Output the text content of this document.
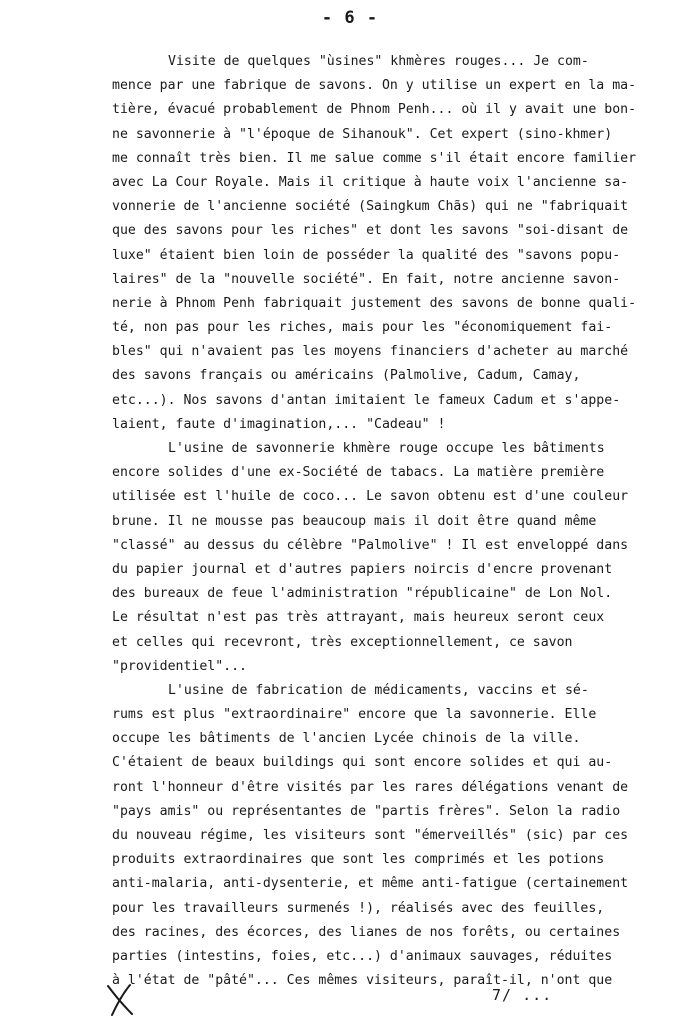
- 6 -
Visite de quelques "ùsines" khmères rouges... Je com-
mence par une fabrique de savons. On y utilise un expert en la ma-
tière, évacué probablement de Phnom Penh... où il y avait une bon-
ne savonnerie à "l'époque de Sihanouk". Cet expert (sino-khmer)
me connaît très bien. Il me salue comme s'il était encore familier
avec La Cour Royale. Mais il critique à haute voix l'ancienne sa-
vonnerie de l'ancienne société (Saingkum Chãs) qui ne "fabriquait
que des savons pour les riches" et dont les savons "soi-disant de
luxe" étaient bien loin de posséder la qualité des "savons popu-
laires" de la "nouvelle société". En fait, notre ancienne savon-
nerie à Phnom Penh fabriquait justement des savons de bonne quali-
té, non pas pour les riches, mais pour les "économiquement fai-
bles" qui n'avaient pas les moyens financiers d'acheter au marché
des savons français ou américains (Palmolive, Cadum, Camay,
etc...). Nos savons d'antan imitaient le fameux Cadum et s'appe-
laient, faute d'imagination,... "Cadeau" !
L'usine de savonnerie khmère rouge occupe les bâtiments
encore solides d'une ex-Société de tabacs. La matière première
utilisée est l'huile de coco... Le savon obtenu est d'une couleur
brune. Il ne mousse pas beaucoup mais il doit être quand même
"classé" au dessus du célèbre "Palmolive" ! Il est enveloppé dans
du papier journal et d'autres papiers noircis d'encre provenant
des bureaux de feue l'administration "républicaine" de Lon Nol.
Le résultat n'est pas très attrayant, mais heureux seront ceux
et celles qui recevront, très exceptionnellement, ce savon
"providentiel"...
L'usine de fabrication de médicaments, vaccins et sé-
rums est plus "extraordinaire" encore que la savonnerie. Elle
occupe les bâtiments de l'ancien Lycée chinois de la ville.
C'étaient de beaux buildings qui sont encore solides et qui au-
ront l'honneur d'être visités par les rares délégations venant de
"pays amis" ou représentantes de "partis frères". Selon la radio
du nouveau régime, les visiteurs sont "émerveillés" (sic) par ces
produits extraordinaires que sont les comprimés et les potions
anti-malaria, anti-dysenterie, et même anti-fatigue (certainement
pour les travailleurs surmenés !), réalisés avec des feuilles,
des racines, des écorces, des lianes de nos forêts, ou certaines
parties (intestins, foies, etc...) d'animaux sauvages, réduites
à l'état de "pâté"... Ces mêmes visiteurs, paraît-il, n'ont que
7/ ...
